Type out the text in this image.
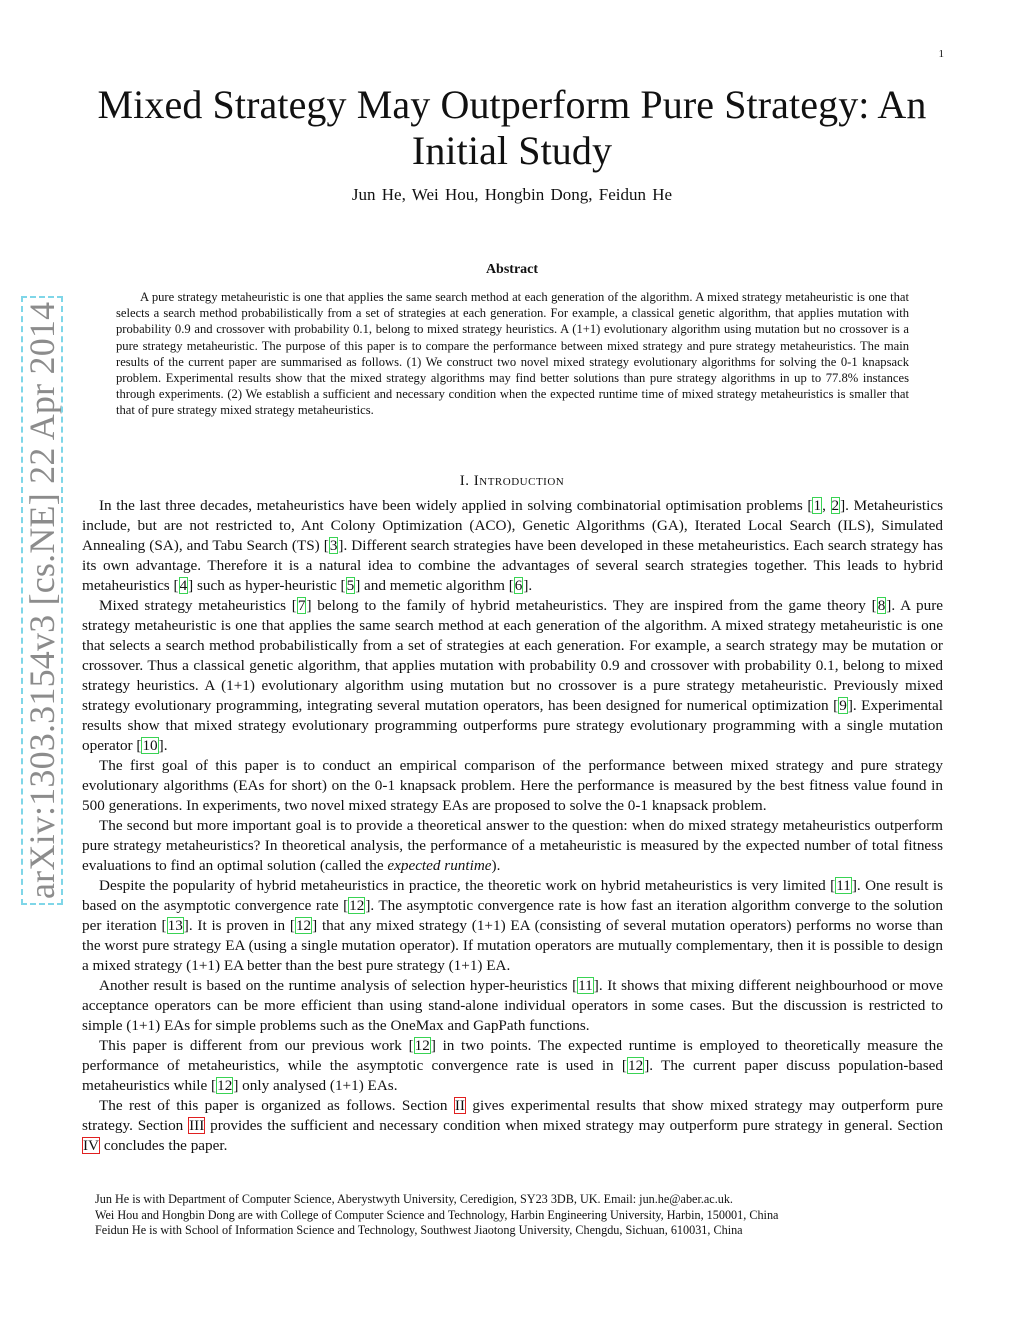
1
arXiv:1303.3154v3 [cs.NE] 22 Apr 2014
Mixed Strategy May Outperform Pure Strategy: An Initial Study
Jun He, Wei Hou, Hongbin Dong, Feidun He
Abstract

A pure strategy metaheuristic is one that applies the same search method at each generation of the algorithm. A mixed strategy metaheuristic is one that selects a search method probabilistically from a set of strategies at each generation. For example, a classical genetic algorithm, that applies mutation with probability 0.9 and crossover with probability 0.1, belong to mixed strategy heuristics. A (1+1) evolutionary algorithm using mutation but no crossover is a pure strategy metaheuristic. The purpose of this paper is to compare the performance between mixed strategy and pure strategy metaheuristics. The main results of the current paper are summarised as follows. (1) We construct two novel mixed strategy evolutionary algorithms for solving the 0-1 knapsack problem. Experimental results show that the mixed strategy algorithms may find better solutions than pure strategy algorithms in up to 77.8% instances through experiments. (2) We establish a sufficient and necessary condition when the expected runtime time of mixed strategy metaheuristics is smaller that that of pure strategy mixed strategy metaheuristics.

I. Introduction

In the last three decades, metaheuristics have been widely applied in solving combinatorial optimisation problems [1, 2]. Metaheuristics include, but are not restricted to, Ant Colony Optimization (ACO), Genetic Algorithms (GA), Iterated Local Search (ILS), Simulated Annealing (SA), and Tabu Search (TS) [3]. Different search strategies have been developed in these metaheuristics. Each search strategy has its own advantage. Therefore it is a natural idea to combine the advantages of several search strategies together. This leads to hybrid metaheuristics [4] such as hyper-heuristic [5] and memetic algorithm [6].

Mixed strategy metaheuristics [7] belong to the family of hybrid metaheuristics. They are inspired from the game theory [8]. A pure strategy metaheuristic is one that applies the same search method at each generation of the algorithm. A mixed strategy metaheuristic is one that selects a search method probabilistically from a set of strategies at each generation. For example, a search strategy may be mutation or crossover. Thus a classical genetic algorithm, that applies mutation with probability 0.9 and crossover with probability 0.1, belong to mixed strategy heuristics. A (1+1) evolutionary algorithm using mutation but no crossover is a pure strategy metaheuristic. Previously mixed strategy evolutionary programming, integrating several mutation operators, has been designed for numerical optimization [9]. Experimental results show that mixed strategy evolutionary programming outperforms pure strategy evolutionary programming with a single mutation operator [10].

The first goal of this paper is to conduct an empirical comparison of the performance between mixed strategy and pure strategy evolutionary algorithms (EAs for short) on the 0-1 knapsack problem. Here the performance is measured by the best fitness value found in 500 generations. In experiments, two novel mixed strategy EAs are proposed to solve the 0-1 knapsack problem.

The second but more important goal is to provide a theoretical answer to the question: when do mixed strategy metaheuristics outperform pure strategy metaheuristics? In theoretical analysis, the performance of a metaheuristic is measured by the expected number of total fitness evaluations to find an optimal solution (called the expected runtime).

Despite the popularity of hybrid metaheuristics in practice, the theoretic work on hybrid metaheuristics is very limited [11]. One result is based on the asymptotic convergence rate [12]. The asymptotic convergence rate is how fast an iteration algorithm converge to the solution per iteration [13]. It is proven in [12] that any mixed strategy (1+1) EA (consisting of several mutation operators) performs no worse than the worst pure strategy EA (using a single mutation operator). If mutation operators are mutually complementary, then it is possible to design a mixed strategy (1+1) EA better than the best pure strategy (1+1) EA.

Another result is based on the runtime analysis of selection hyper-heuristics [11]. It shows that mixing different neighbourhood or move acceptance operators can be more efficient than using stand-alone individual operators in some cases. But the discussion is restricted to simple (1+1) EAs for simple problems such as the OneMax and GapPath functions.

This paper is different from our previous work [12] in two points. The expected runtime is employed to theoretically measure the performance of metaheuristics, while the asymptotic convergence rate is used in [12]. The current paper discuss population-based metaheuristics while [12] only analysed (1+1) EAs.

The rest of this paper is organized as follows. Section II gives experimental results that show mixed strategy may outperform pure strategy. Section III provides the sufficient and necessary condition when mixed strategy may outperform pure strategy in general. Section IV concludes the paper.

Jun He is with Department of Computer Science, Aberystwyth University, Ceredigion, SY23 3DB, UK. Email: jun.he@aber.ac.uk.
Wei Hou and Hongbin Dong are with College of Computer Science and Technology, Harbin Engineering University, Harbin, 150001, China
Feidun He is with School of Information Science and Technology, Southwest Jiaotong University, Chengdu, Sichuan, 610031, China
